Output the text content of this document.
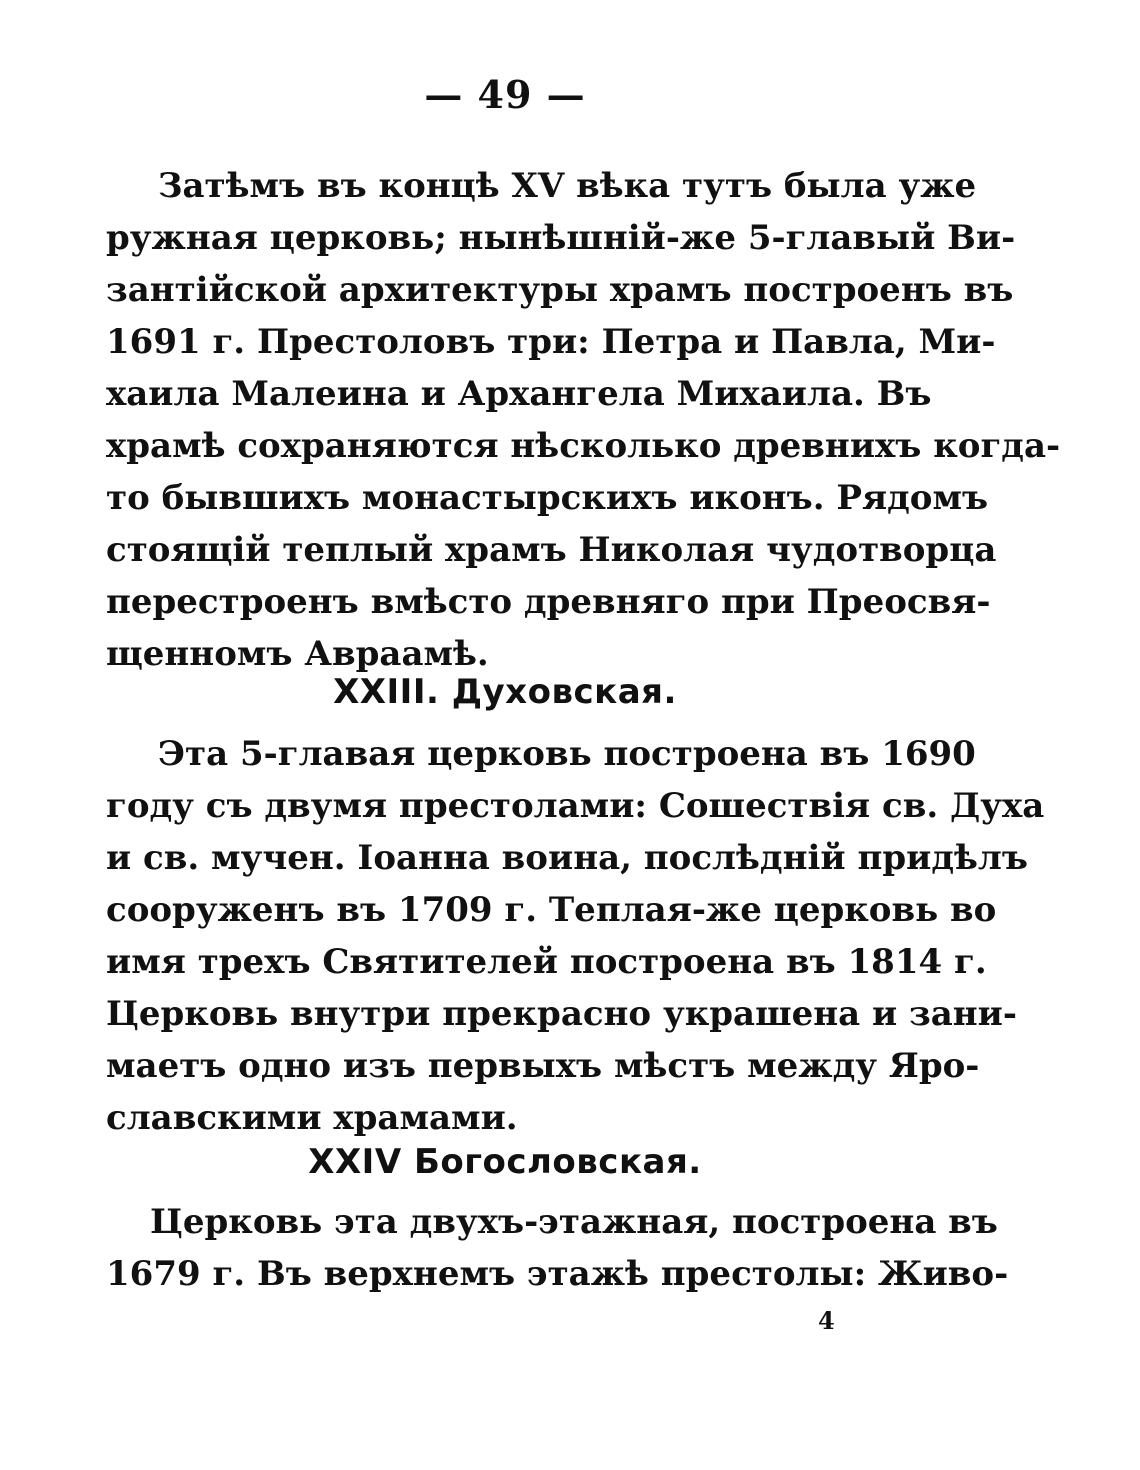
— 49 —
Затѣмъ въ концѣ XV вѣка тутъ была уже
ружная церковь; нынѣшній-же 5-главый Ви-
зантійской архитектуры храмъ построенъ въ
1691 г. Престоловъ три: Петра и Павла, Ми-
хаила Малеина и Архангела Михаила. Въ
храмѣ сохраняются нѣсколько древнихъ когда-
то бывшихъ монастырскихъ иконъ. Рядомъ
стоящій теплый храмъ Николая чудотворца
перестроенъ вмѣсто древняго при Преосвя-
щенномъ Авраамѣ.
XXIII. Духовская.
Эта 5-главая церковь построена въ 1690
году съ двумя престолами: Сошествія св. Духа
и св. мучен. Іоанна воина, послѣдній придѣлъ
сооруженъ въ 1709 г. Теплая-же церковь во
имя трехъ Святителей построена въ 1814 г.
Церковь внутри прекрасно украшена и зани-
маетъ одно изъ первыхъ мѣстъ между Яро-
славскими храмами.
XXIV Богословская.
Церковь эта двухъ-этажная, построена въ
1679 г. Въ верхнемъ этажѣ престолы: Живо-
4
